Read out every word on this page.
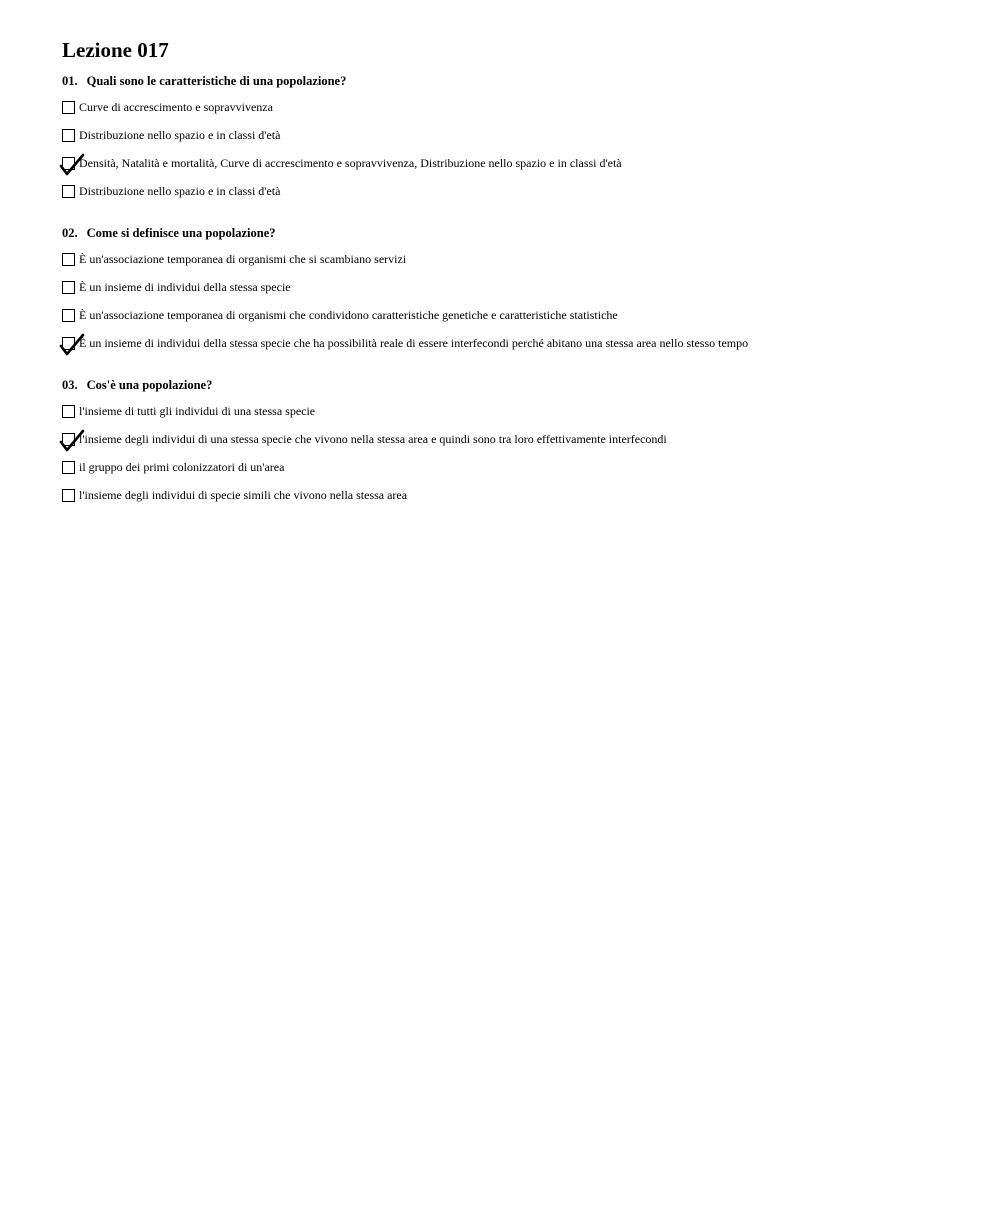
Lezione 017
01. Quali sono le caratteristiche di una popolazione?
Curve di accrescimento e sopravvivenza
Distribuzione nello spazio e in classi d'età
Densità, Natalità e mortalità, Curve di accrescimento e sopravvivenza, Distribuzione nello spazio e in classi d'età
Distribuzione nello spazio e in classi d'età
02. Come si definisce una popolazione?
È un'associazione temporanea di organismi che si scambiano servizi
È un insieme di individui della stessa specie
È un'associazione temporanea di organismi che condividono caratteristiche genetiche e caratteristiche statistiche
È un insieme di individui della stessa specie che ha possibilità reale di essere interfecondi perché abitano una stessa area nello stesso tempo
03. Cos'è una popolazione?
l'insieme di tutti gli individui di una stessa specie
l'insieme degli individui di una stessa specie che vivono nella stessa area e quindi sono tra loro effettivamente interfecondi
il gruppo dei primi colonizzatori di un'area
l'insieme degli individui di specie simili che vivono nella stessa area
